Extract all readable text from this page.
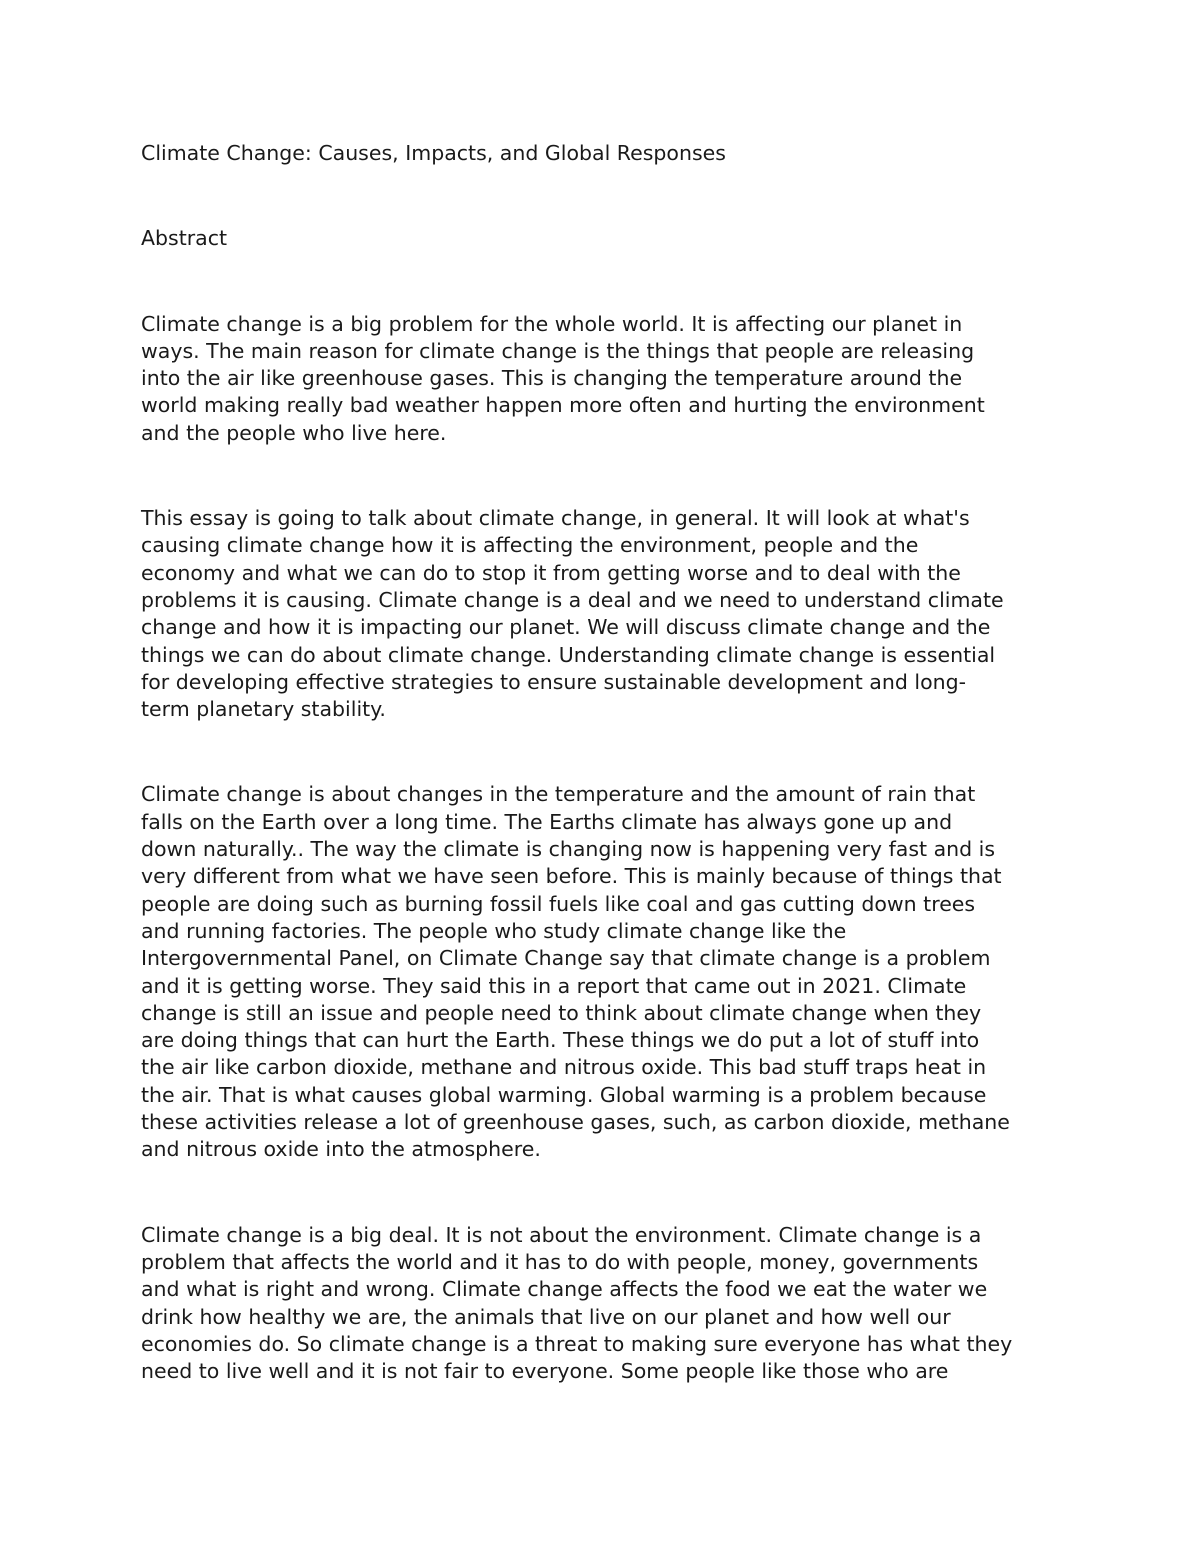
Climate Change: Causes, Impacts, and Global Responses
Abstract
Climate change is a big problem for the whole world. It is affecting our planet in
ways. The main reason for climate change is the things that people are releasing
into the air like greenhouse gases. This is changing the temperature around the
world making really bad weather happen more often and hurting the environment
and the people who live here.
This essay is going to talk about climate change, in general. It will look at what's
causing climate change how it is affecting the environment, people and the
economy and what we can do to stop it from getting worse and to deal with the
problems it is causing. Climate change is a deal and we need to understand climate
change and how it is impacting our planet. We will discuss climate change and the
things we can do about climate change. Understanding climate change is essential
for developing effective strategies to ensure sustainable development and long-
term planetary stability.
Climate change is about changes in the temperature and the amount of rain that
falls on the Earth over a long time. The Earths climate has always gone up and
down naturally.. The way the climate is changing now is happening very fast and is
very different from what we have seen before. This is mainly because of things that
people are doing such as burning fossil fuels like coal and gas cutting down trees
and running factories. The people who study climate change like the
Intergovernmental Panel, on Climate Change say that climate change is a problem
and it is getting worse. They said this in a report that came out in 2021. Climate
change is still an issue and people need to think about climate change when they
are doing things that can hurt the Earth. These things we do put a lot of stuff into
the air like carbon dioxide, methane and nitrous oxide. This bad stuff traps heat in
the air. That is what causes global warming. Global warming is a problem because
these activities release a lot of greenhouse gases, such, as carbon dioxide, methane
and nitrous oxide into the atmosphere.
Climate change is a big deal. It is not about the environment. Climate change is a
problem that affects the world and it has to do with people, money, governments
and what is right and wrong. Climate change affects the food we eat the water we
drink how healthy we are, the animals that live on our planet and how well our
economies do. So climate change is a threat to making sure everyone has what they
need to live well and it is not fair to everyone. Some people like those who are
